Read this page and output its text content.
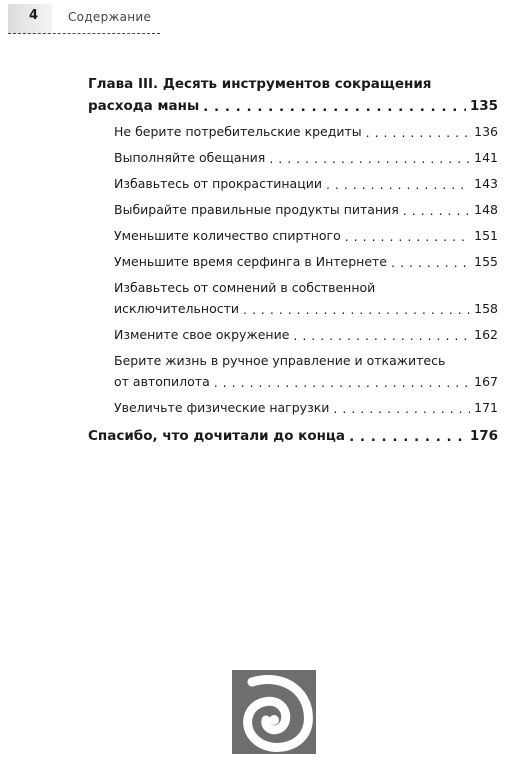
4 Содержание
Глава III. Десять инструментов сокращения
расхода маны . . .	135
Не берите потребительские кредиты . . .	136
Выполняйте обещания . . .	141
Избавьтесь от прокрастинации . . .	143
Выбирайте правильные продукты питания . . .	148
Уменьшите количество спиртного . . .	151
Уменьшите время серфинга в Интернете . . .	155
Избавьтесь от сомнений в собственной
исключительности . . .	158
Измените свое окружение . . .	162
Берите жизнь в ручное управление и откажитесь
от автопилота . . .	167
Увеличьте физические нагрузки . . .	171
Спасибо, что дочитали до конца . . .	176
